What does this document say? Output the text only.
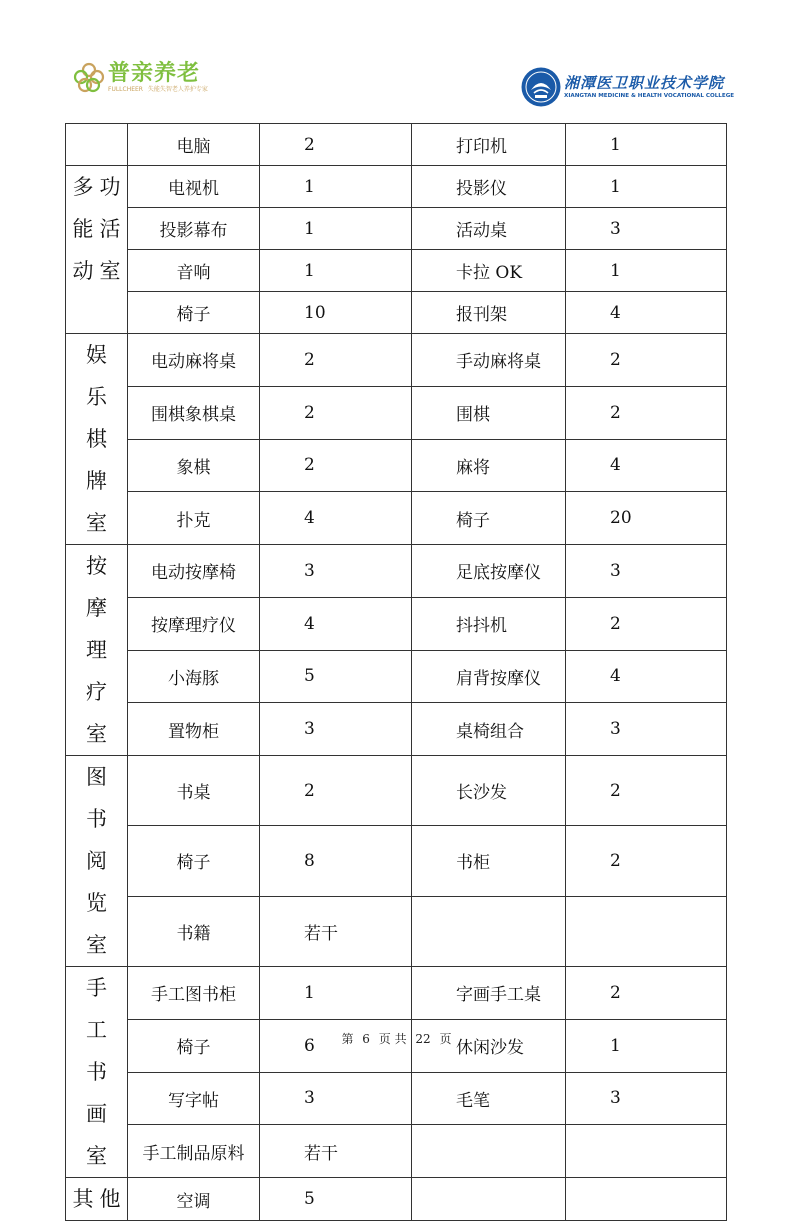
普亲养老
FULLCHEER 失能失智老人养护专家	湘潭医卫职业技术学院
XIANGTAN MEDICINE & HEALTH VOCATIONAL COLLEGE
	电脑	2	打印机	1

多功
能活
动室	电视机	1	投影仪	1
	投影幕布	1	活动桌	3
	音响	1	卡拉 OK	1
	椅子	10	报刊架	4

娱乐
棋牌
室	电动麻将桌	2	手动麻将桌	2
	围棋象棋桌	2	围棋	2
	象棋	2	麻将	4
	扑克	4	椅子	20

按摩
理疗
室	电动按摩椅	3	足底按摩仪	3
	按摩理疗仪	4	抖抖机	2
	小海豚	5	肩背按摩仪	4
	置物柜	3	桌椅组合	3

图书
阅览
室	书桌	2	长沙发	2
	椅子	8	书柜	2
	书籍	若干		

手工
书画
室	手工图书柜	1	字画手工桌	2
	椅子	6	休闲沙发	1
	写字帖	3	毛笔	3
	手工制品原料	若干		

其他	空调	5		
第 6 页 共 22 页
